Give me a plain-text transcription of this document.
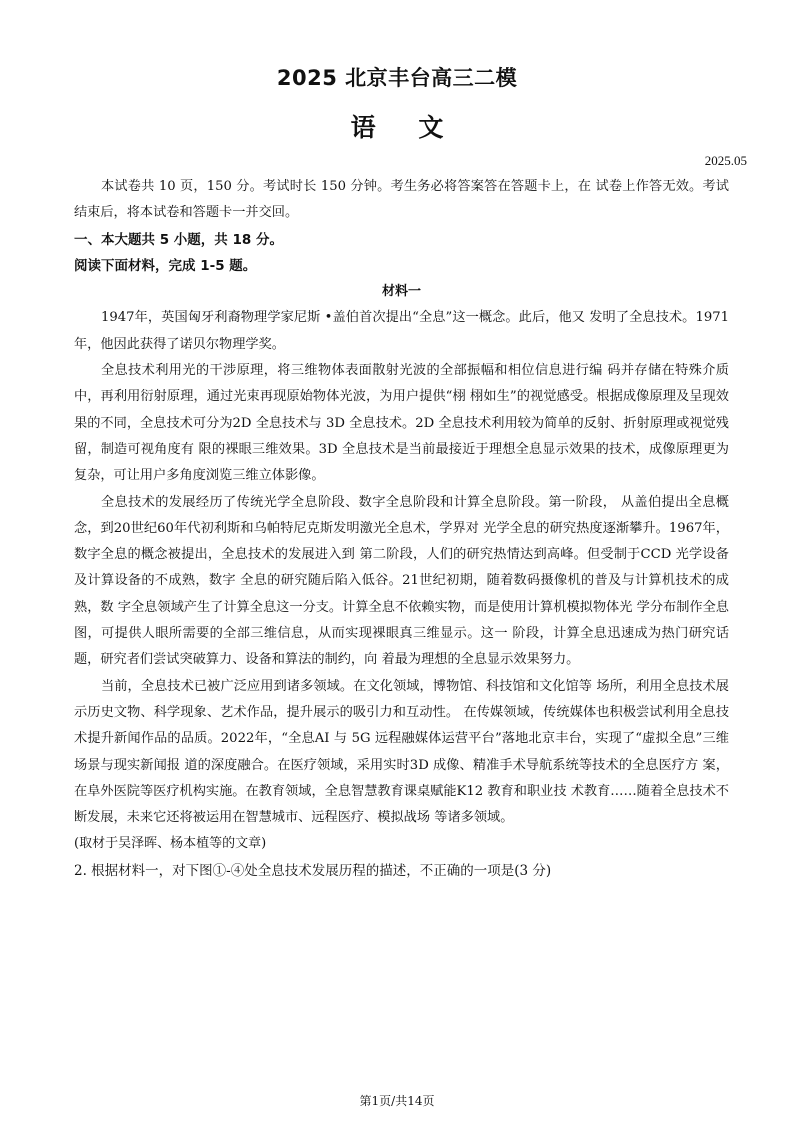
2025 北京丰台高三二模
语 文
2025.05

本试卷共 10 页，150 分。考试时长 150 分钟。考生务必将答案答在答题卡上，在 试卷上作答无效。考试结束后，将本试卷和答题卡一并交回。

一、本大题共 5 小题，共 18 分。

阅读下面材料，完成 1-5 题。

材料一

1947年，英国匈牙利裔物理学家尼斯 •盖伯首次提出“全息”这一概念。此后，他又 发明了全息技术。1971年，他因此获得了诺贝尔物理学奖。

全息技术利用光的干涉原理，将三维物体表面散射光波的全部振幅和相位信息进行编 码并存储在特殊介质中，再利用衍射原理，通过光束再现原始物体光波，为用户提供“栩 栩如生”的视觉感受。根据成像原理及呈现效果的不同，全息技术可分为2D 全息技术与 3D 全息技术。2D 全息技术利用较为简单的反射、折射原理或视觉残留，制造可视角度有 限的裸眼三维效果。3D 全息技术是当前最接近于理想全息显示效果的技术，成像原理更为 复杂，可让用户多角度浏览三维立体影像。

全息技术的发展经历了传统光学全息阶段、数字全息阶段和计算全息阶段。第一阶段， 从盖伯提出全息概念，到20世纪60年代初利斯和乌帕特尼克斯发明激光全息术，学界对 光学全息的研究热度逐渐攀升。1967年，数字全息的概念被提出，全息技术的发展进入到 第二阶段，人们的研究热情达到高峰。但受制于CCD 光学设备及计算设备的不成熟，数字 全息的研究随后陷入低谷。21世纪初期，随着数码摄像机的普及与计算机技术的成熟，数 字全息领域产生了计算全息这一分支。计算全息不依赖实物，而是使用计算机模拟物体光 学分布制作全息图，可提供人眼所需要的全部三维信息，从而实现裸眼真三维显示。这一 阶段，计算全息迅速成为热门研究话题，研究者们尝试突破算力、设备和算法的制约，向 着最为理想的全息显示效果努力。

当前，全息技术已被广泛应用到诸多领域。在文化领域，博物馆、科技馆和文化馆等 场所，利用全息技术展示历史文物、科学现象、艺术作品，提升展示的吸引力和互动性。 在传媒领域，传统媒体也积极尝试利用全息技术提升新闻作品的品质。2022年，“全息AI 与 5G 远程融媒体运营平台”落地北京丰台，实现了“虚拟全息”三维场景与现实新闻报 道的深度融合。在医疗领域，采用实时3D 成像、精准手术导航系统等技术的全息医疗方 案，在阜外医院等医疗机构实施。在教育领域，全息智慧教育课桌赋能K12 教育和职业技 术教育……随着全息技术不断发展，未来它还将被运用在智慧城市、远程医疗、模拟战场 等诸多领域。

(取材于吴泽晖、杨本植等的文章)

2. 根据材料一，对下图①-④处全息技术发展历程的描述，不正确的一项是(3 分)

第1页/共14页
